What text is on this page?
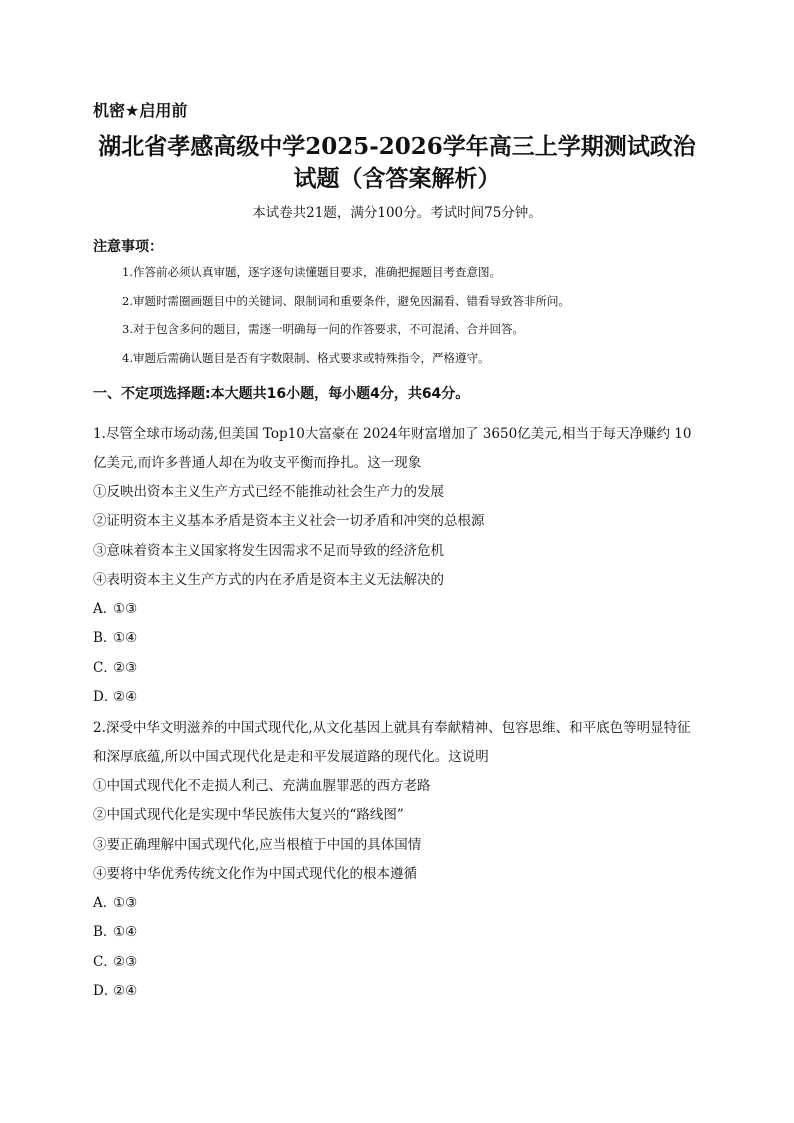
机密★启用前
湖北省孝感高级中学2025-2026学年高三上学期测试政治
试题（含答案解析）
本试卷共21题，满分100分。考试时间75分钟。
注意事项：
1.作答前必须认真审题，逐字逐句读懂题目要求，准确把握题目考查意图。
2.审题时需圈画题目中的关键词、限制词和重要条件，避免因漏看、错看导致答非所问。
3.对于包含多问的题目，需逐一明确每一问的作答要求，不可混淆、合并回答。
4.审题后需确认题目是否有字数限制、格式要求或特殊指令，严格遵守。
一、不定项选择题:本大题共16小题，每小题4分，共64分。

1.尽管全球市场动荡,但美国 Top10大富豪在 2024年财富增加了 3650亿美元,相当于每天净赚约 10亿美元,而许多普通人却在为收支平衡而挣扎。这一现象

①反映出资本主义生产方式已经不能推动社会生产力的发展
②证明资本主义基本矛盾是资本主义社会一切矛盾和冲突的总根源
③意味着资本主义国家将发生因需求不足而导致的经济危机
④表明资本主义生产方式的内在矛盾是资本主义无法解决的
A．①③
B．①④
C．②③
D．②④

2.深受中华文明滋养的中国式现代化,从文化基因上就具有奉献精神、包容思维、和平底色等明显特征和深厚底蕴,所以中国式现代化是走和平发展道路的现代化。这说明

①中国式现代化不走损人利己、充满血腥罪恶的西方老路
②中国式现代化是实现中华民族伟大复兴的“路线图”
③要正确理解中国式现代化,应当根植于中国的具体国情
④要将中华优秀传统文化作为中国式现代化的根本遵循
A．①③
B．①④
C．②③
D．②④
